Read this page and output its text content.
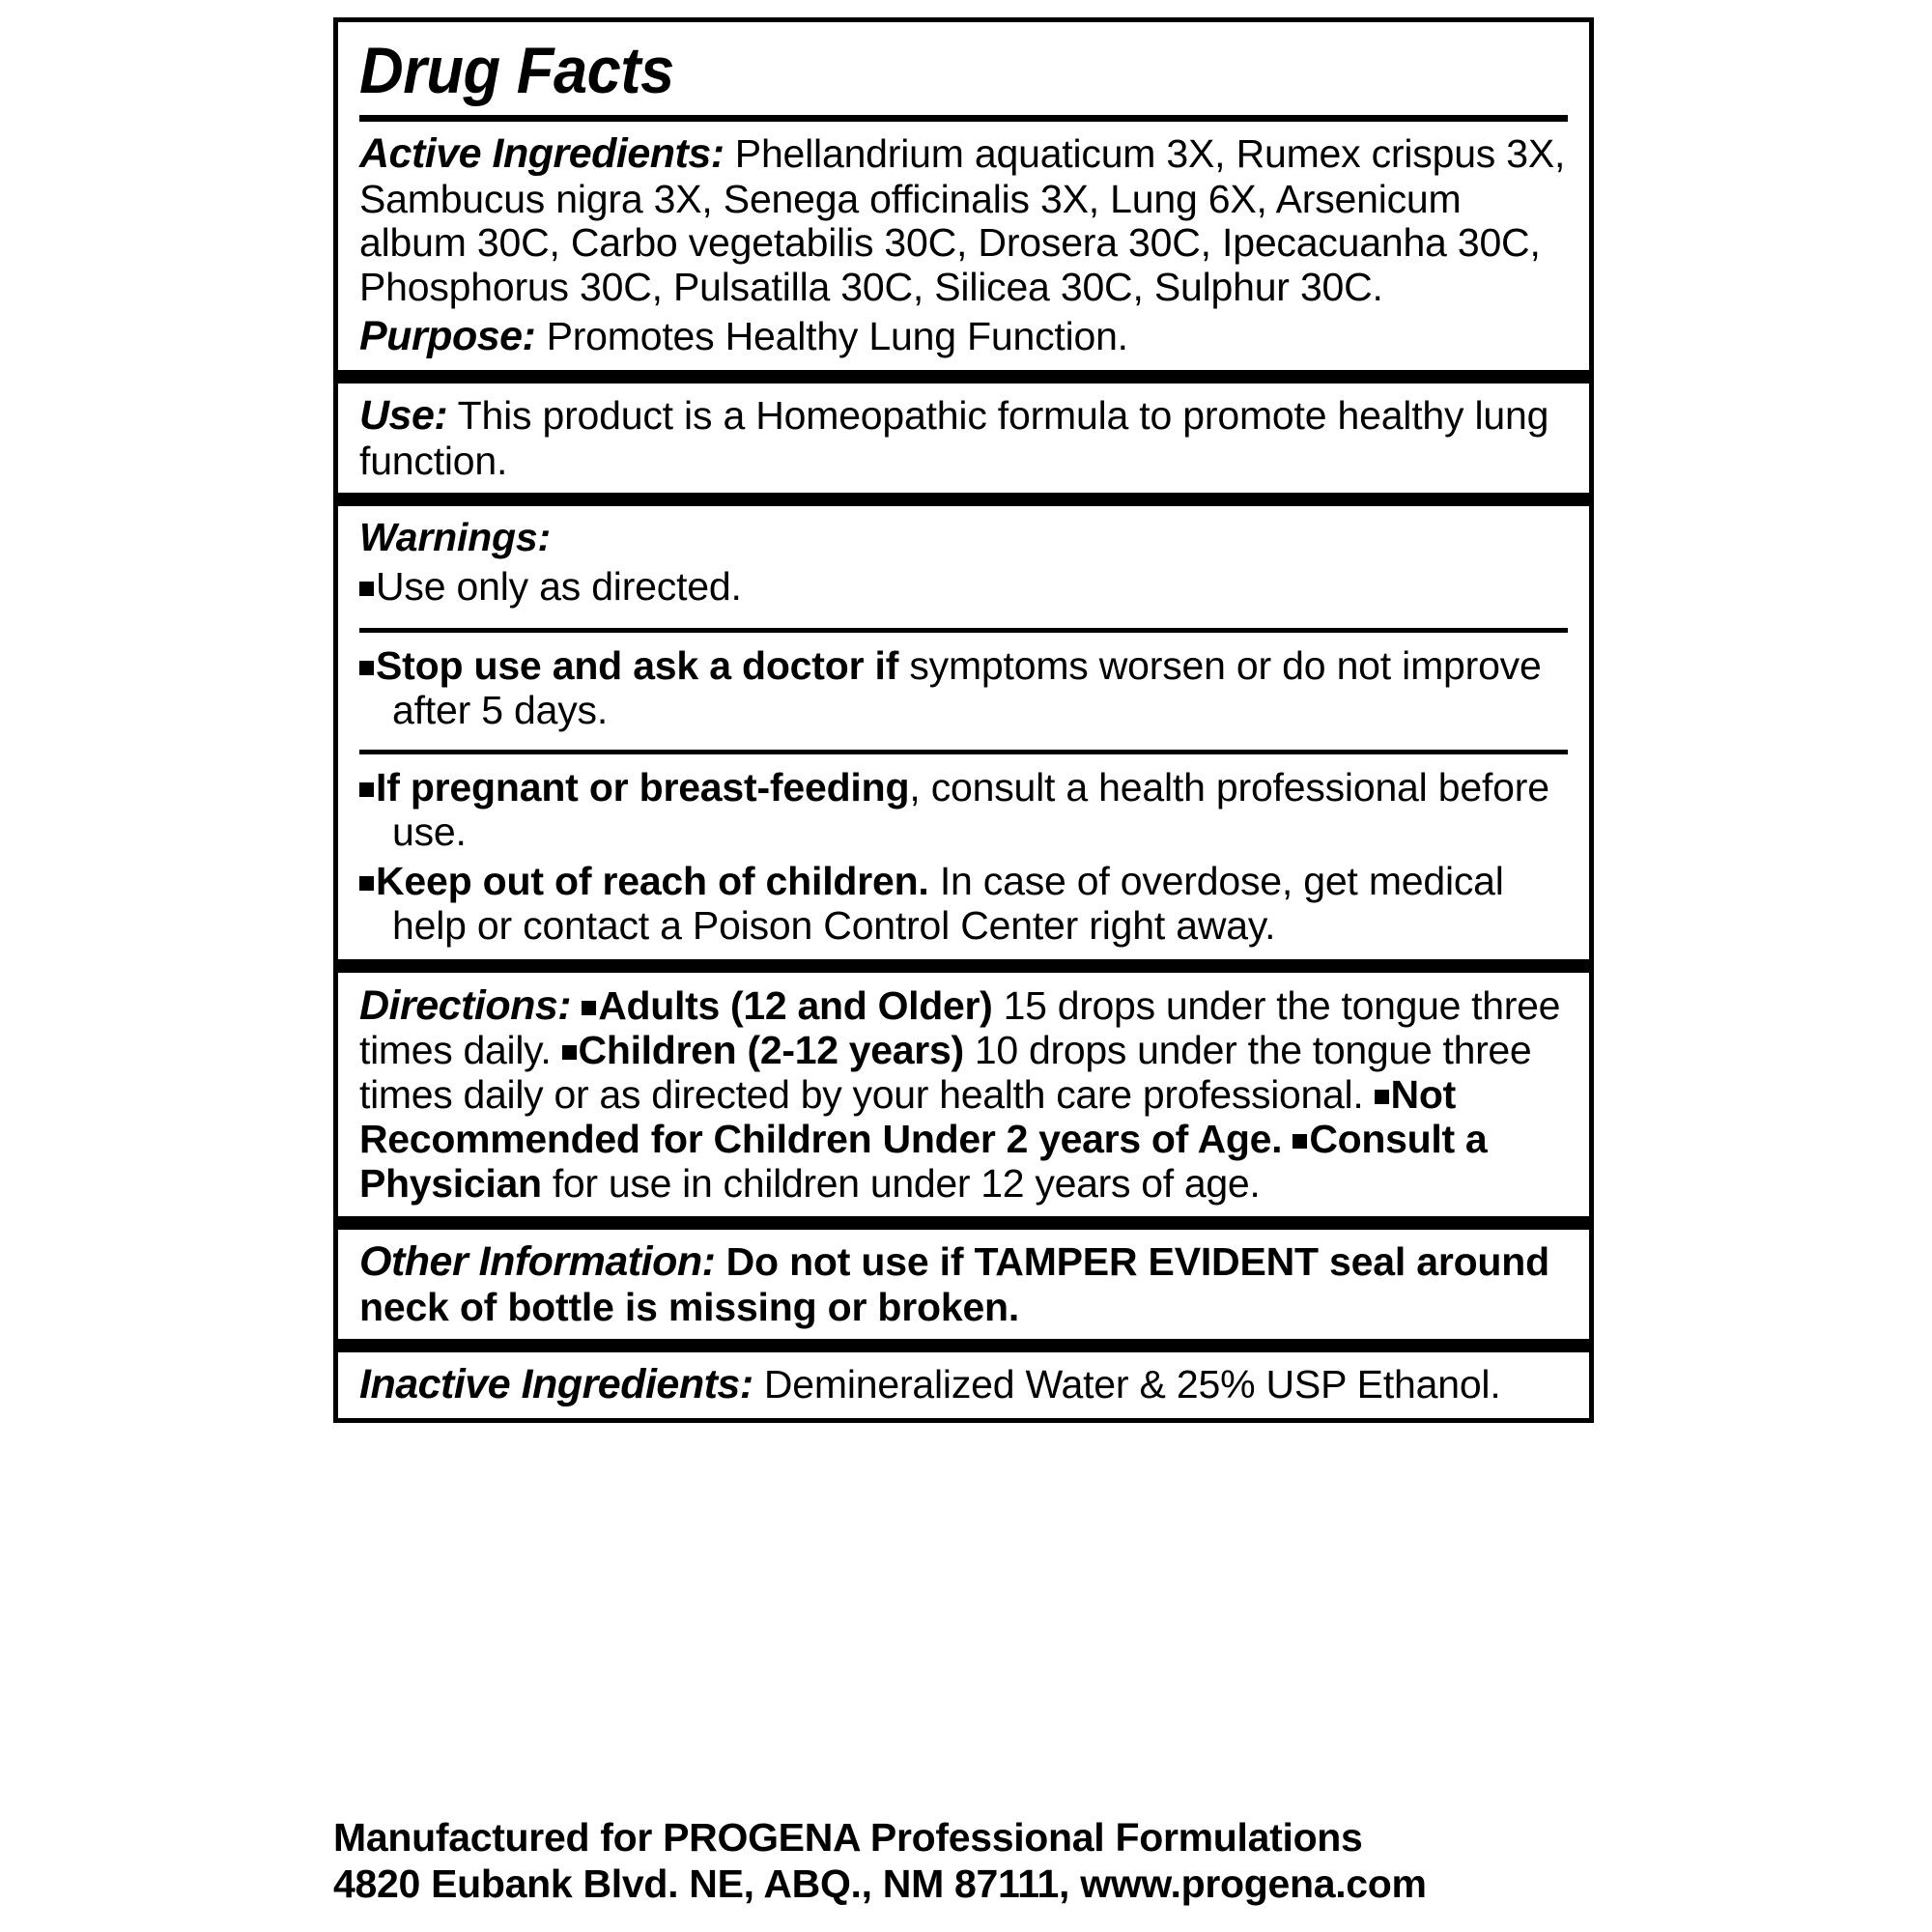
Drug Facts

Active Ingredients: Phellandrium aquaticum 3X, Rumex crispus 3X, Sambucus nigra 3X, Senega officinalis 3X, Lung 6X, Arsenicum album 30C, Carbo vegetabilis 30C, Drosera 30C, Ipecacuanha 30C, Phosphorus 30C, Pulsatilla 30C, Silicea 30C, Sulphur 30C.

Purpose: Promotes Healthy Lung Function.

Use: This product is a Homeopathic formula to promote healthy lung function.

Warnings:

Use only as directed.

Stop use and ask a doctor if symptoms worsen or do not improve after 5 days.

If pregnant or breast-feeding, consult a health professional before use.

Keep out of reach of children. In case of overdose, get medical help or contact a Poison Control Center right away.

Directions: Adults (12 and Older) 15 drops under the tongue three times daily. Children (2-12 years) 10 drops under the tongue three times daily or as directed by your health care professional. Not Recommended for Children Under 2 years of Age. Consult a Physician for use in children under 12 years of age.

Other Information: Do not use if TAMPER EVIDENT seal around neck of bottle is missing or broken.

Inactive Ingredients: Demineralized Water & 25% USP Ethanol.

Manufactured for PROGENA Professional Formulations

4820 Eubank Blvd. NE, ABQ., NM 87111, www.progena.com
